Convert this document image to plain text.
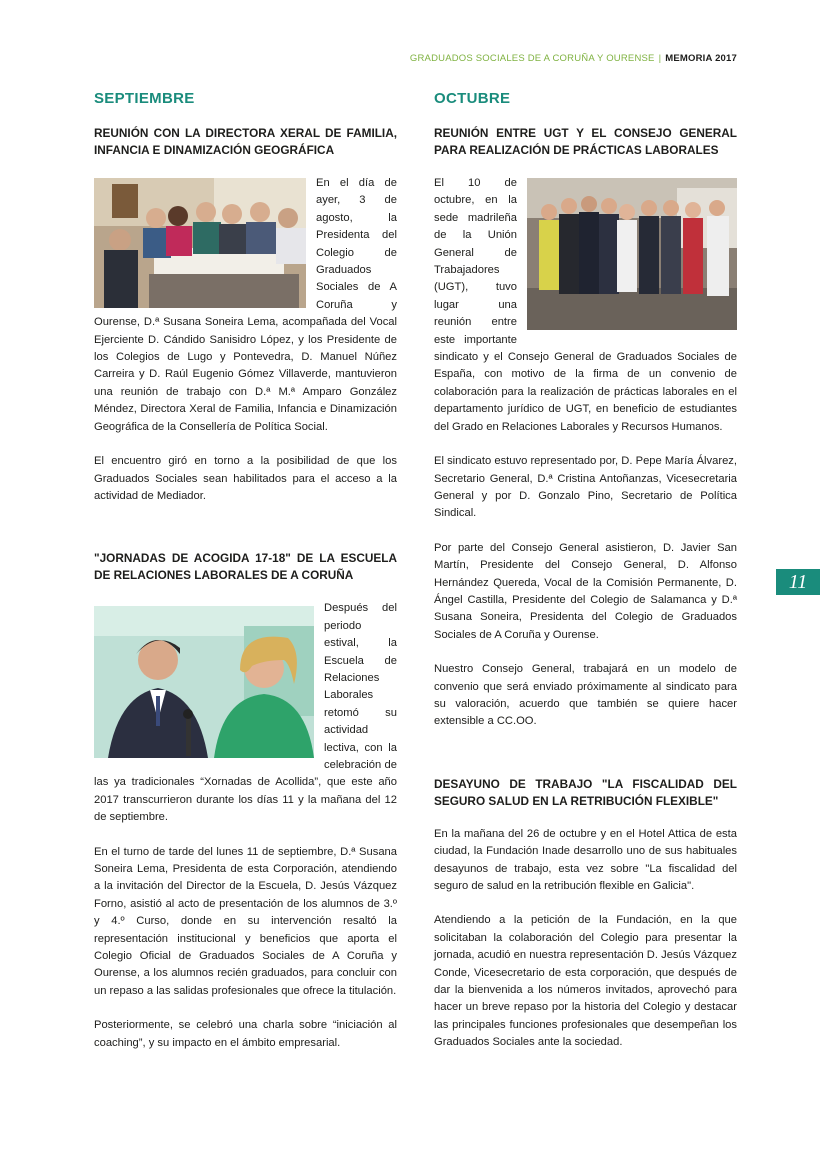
GRADUADOS SOCIALES DE A CORUÑA Y OURENSE | MEMORIA 2017
SEPTIEMBRE
REUNIÓN CON LA DIRECTORA XERAL DE FAMILIA, INFANCIA E DINAMIZACIÓN GEOGRÁFICA
En el día de ayer, 3 de agosto, la Presidenta del Colegio de Graduados Sociales de A Coruña y Ourense, D.ª Susana Soneira Lema, acompañada del Vocal Ejerciente D. Cándido Sanisidro López, y los Presidente de los Colegios de Lugo y Pontevedra, D. Manuel Núñez Carreira y D. Raúl Eugenio Gómez Villaverde, mantuvieron una reunión de trabajo con D.ª M.ª Amparo González Méndez, Directora Xeral de Familia, Infancia e Dinamización Geográfica de la Consellería de Política Social.
El encuentro giró en torno a la posibilidad de que los Graduados Sociales sean habilitados para el acceso a la actividad de Mediador.
"JORNADAS DE ACOGIDA 17-18" DE LA ESCUELA DE RELACIONES LABORALES DE A CORUÑA
Después del periodo estival, la Escuela de Relaciones Laborales retomó su actividad lectiva, con la celebración de las ya tradicionales “Xornadas de Acollida”, que este año 2017 transcurrieron durante los días 11 y la mañana del 12 de septiembre.
En el turno de tarde del lunes 11 de septiembre, D.ª Susana Soneira Lema, Presidenta de esta Corporación, atendiendo a la invitación del Director de la Escuela, D. Jesús Vázquez Forno, asistió al acto de presentación de los alumnos de 3.º y 4.º Curso, donde en su intervención resaltó la representación institucional y beneficios que aporta el Colegio Oficial de Graduados Sociales de A Coruña y Ourense, a los alumnos recién graduados, para concluir con un repaso a las salidas profesionales que ofrece la titulación.
Posteriormente, se celebró una charla sobre “iniciación al coaching”, y su impacto en el ámbito empresarial.
OCTUBRE
REUNIÓN ENTRE UGT Y EL CONSEJO GENERAL PARA REALIZACIÓN DE PRÁCTICAS LABORALES
El 10 de octubre, en la sede madrileña de la Unión General de Trabajadores (UGT), tuvo lugar una reunión entre este importante sindicato y el Consejo General de Graduados Sociales de España, con motivo de la firma de un convenio de colaboración para la realización de prácticas laborales en el departamento jurídico de UGT, en beneficio de estudiantes del Grado en Relaciones Laborales y Recursos Humanos.
El sindicato estuvo representado por, D. Pepe María Álvarez, Secretario General, D.ª Cristina Antoñanzas, Vicesecretaria General y por D. Gonzalo Pino, Secretario de Política Sindical.
Por parte del Consejo General asistieron, D. Javier San Martín, Presidente del Consejo General, D. Alfonso Hernández Quereda, Vocal de la Comisión Permanente, D. Ángel Castilla, Presidente del Colegio de Salamanca y D.ª Susana Soneira, Presidenta del Colegio de Graduados Sociales de A Coruña y Ourense.
Nuestro Consejo General, trabajará en un modelo de convenio que será enviado próximamente al sindicato para su valoración, acuerdo que también se quiere hacer extensible a CC.OO.
DESAYUNO DE TRABAJO "LA FISCALIDAD DEL SEGURO SALUD EN LA RETRIBUCIÓN FLEXIBLE"
En la mañana del 26 de octubre y en el Hotel Attica de esta ciudad, la Fundación Inade desarrollo uno de sus habituales desayunos de trabajo, esta vez sobre "La fiscalidad del seguro de salud en la retribución flexible en Galicia".
Atendiendo a la petición de la Fundación, en la que solicitaban la colaboración del Colegio para presentar la jornada, acudió en nuestra representación D. Jesús Vázquez Conde, Vicesecretario de esta corporación, que después de dar la bienvenida a los números invitados, aprovechó para hacer un breve repaso por la historia del Colegio y destacar las principales funciones profesionales que desempeñan los Graduados Sociales ante la sociedad.
11
